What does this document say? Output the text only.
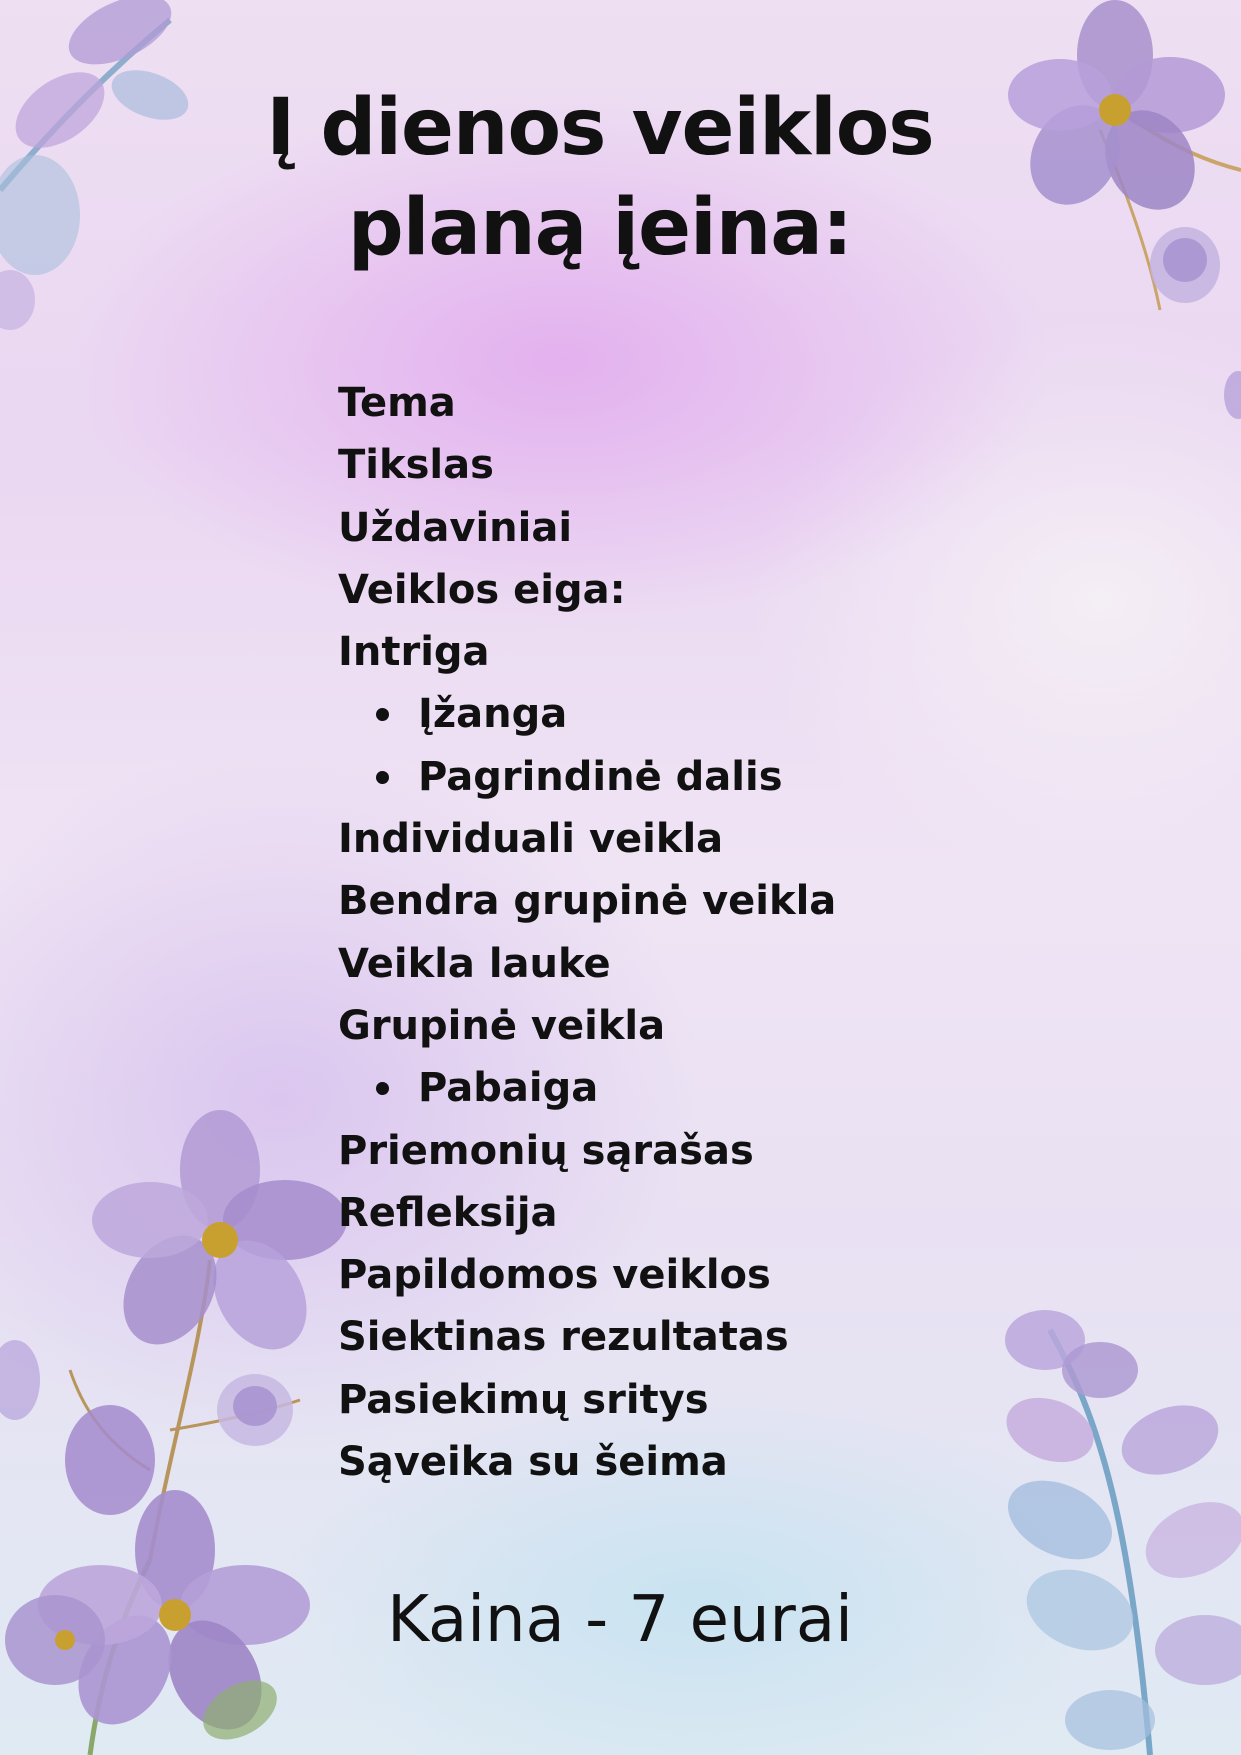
Į dienos veiklos
planą įeina:
Tema
Tikslas
Uždaviniai
Veiklos eiga:
Intriga
Įžanga
Pagrindinė dalis
Individuali veikla
Bendra grupinė veikla
Veikla lauke
Grupinė veikla
Pabaiga
Priemonių sąrašas
Refleksija
Papildomos veiklos
Siektinas rezultatas
Pasiekimų sritys
Sąveika su šeima

Kaina - 7 eurai
